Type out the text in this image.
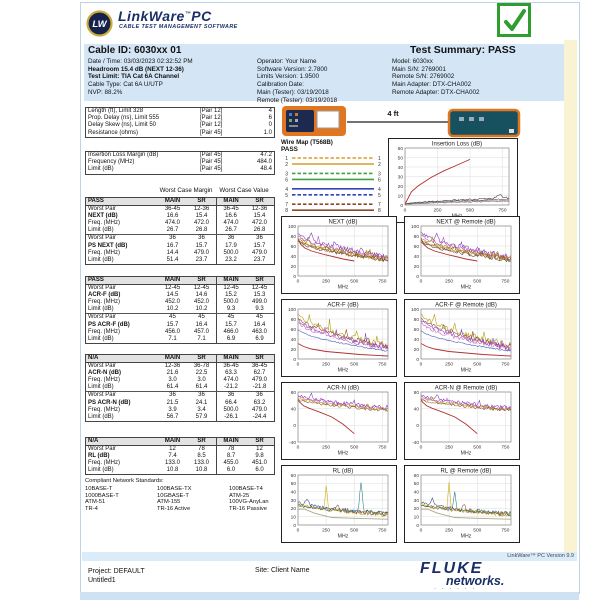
LW
LinkWare™PC
CABLE TEST MANAGEMENT SOFTWARE
Cable ID: 6030xx 01	Test Summary: PASS
Date / Time: 03/03/2023 02:32:52 PM
Headroom 15.4 dB (NEXT 12-36)
Test Limit: TIA Cat 6A Channel
Cable Type: Cat 6A U/UTP
NVP: 88.2%
Operator: Your Name
Software Version: 2.7800
Limits Version: 1.9500
Calibration Date:
Main (Tester): 03/19/2018
Remote (Tester): 03/19/2018
Model: 6030xx
Main S/N: 2769001
Remote S/N: 2769002
Main Adapter: DTX-CHA002
Remote Adapter: DTX-CHA002
Length (ft), Limit 328	[Pair 12]	4
Prop. Delay (ns), Limit 555	[Pair 12]	6
Delay Skew (ns), Limit 50	[Pair 12]	0
Resistance (ohms)	[Pair 45]	1.0
Insertion Loss Margin (dB)	[Pair 45]	47.2
Frequency (MHz)	[Pair 45]	484.0
Limit (dB)	[Pair 45]	48.4
Worst Case Margin	Worst Case Value
PASS	MAIN	SR	MAIN	SR
Worst Pair	36-45	12-36	36-45	12-36
NEXT (dB)	16.6	15.4	16.6	15.4
Freq. (MHz)	474.0	472.0	474.0	472.0
Limit (dB)	26.7	26.8	26.7	26.8
Worst Pair	36	36	36	36
PS NEXT (dB)	16.7	15.7	17.9	15.7
Freq. (MHz)	14.4	479.0	500.0	479.0
Limit (dB)	51.4	23.7	23.2	23.7
PASS	MAIN	SR	MAIN	SR
Worst Pair	12-45	12-45	12-45	12-45
ACR-F (dB)	14.5	14.6	15.2	15.3
Freq. (MHz)	452.0	452.0	500.0	499.0
Limit (dB)	10.2	10.2	9.3	9.3
Worst Pair	45	45	45	45
PS ACR-F (dB)	15.7	16.4	15.7	16.4
Freq. (MHz)	456.0	457.0	466.0	463.0
Limit (dB)	7.1	7.1	6.9	6.9
N/A	MAIN	SR	MAIN	SR
Worst Pair	12-36	36-78	36-45	36-45
ACR-N (dB)	21.6	22.5	63.3	62.7
Freq. (MHz)	3.0	3.0	474.0	479.0
Limit (dB)	61.4	61.4	-21.2	-21.8
Worst Pair	36	36	36	36
PS ACR-N (dB)	21.5	24.1	66.4	63.2
Freq. (MHz)	3.9	3.4	500.0	479.0
Limit (dB)	56.7	57.9	-26.1	-24.4
N/A	MAIN	SR	MAIN	SR
Worst Pair	12	78	78	12
RL (dB)	7.4	8.5	8.7	9.8
Freq. (MHz)	133.0	133.0	455.0	451.0
Limit (dB)	10.8	10.8	6.0	6.0
Compliant Network Standards:
10BASE-T
1000BASE-T
ATM-51
TR-4
100BASE-TX
10GBASE-T
ATM-155
TR-16 Active
100BASE-T4
ATM-25
100VG-AnyLan
TR-16 Passive
4 ft
Wire Map (T568B)
PASS
1	1
2	2
3	3
6	6
4	4
5	5
7	7
8	8
Insertion Loss (dB)
0
10
20
30
40
50
60
0	250	500	750
NEXT (dB)
0
20
40
60
80
100
0	250	500	750
MHz
NEXT @ Remote (dB)
0
20
40
60
80
100
0	250	500	750
MHz
ACR-F (dB)
0
20
40
60
80
100
0	250	500	750
MHz
ACR-F @ Remote (dB)
0
20
40
60
80
100
0	250	500	750
MHz
ACR-N (dB)
-40
0
40
80
0	250	500	750
MHz
ACR-N @ Remote (dB)
-40
0
40
80
0	250	500	750
MHz
RL (dB)
0
10
20
30
40
50
60
0	250	500	750
MHz
RL @ Remote (dB)
0
10
20
30
40
50
60
0	250	500	750
MHz
LinkWare™ PC Version 9.9
Project: DEFAULT
Untitled1
Site: Client Name	FLUKE
networks.
· · · · · ·
